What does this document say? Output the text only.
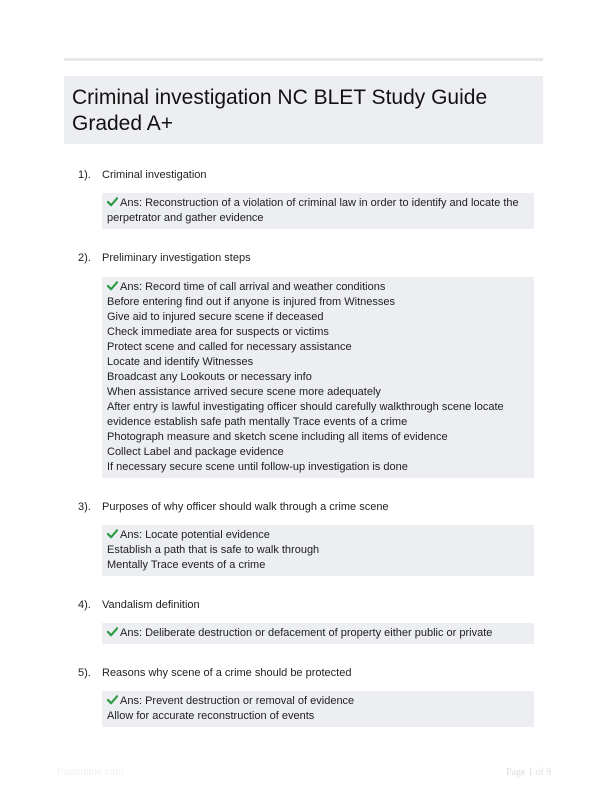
Criminal investigation NC BLET Study Guide Graded A+
1). Criminal investigation
Ans: Reconstruction of a violation of criminal law in order to identify and locate the
perpetrator and gather evidence
2). Preliminary investigation steps
Ans: Record time of call arrival and weather conditions
Before entering find out if anyone is injured from Witnesses
Give aid to injured secure scene if deceased
Check immediate area for suspects or victims
Protect scene and called for necessary assistance
Locate and identify Witnesses
Broadcast any Lookouts or necessary info
When assistance arrived secure scene more adequately
After entry is lawful investigating officer should carefully walkthrough scene locate
evidence establish safe path mentally Trace events of a crime
Photograph measure and sketch scene including all items of evidence
Collect Label and package evidence
If necessary secure scene until follow-up investigation is done
3). Purposes of why officer should walk through a crime scene
Ans: Locate potential evidence
Establish a path that is safe to walk through
Mentally Trace events of a crime
4). Vandalism definition
Ans: Deliberate destruction or defacement of property either public or private
5). Reasons why scene of a crime should be protected
Ans: Prevent destruction or removal of evidence
Allow for accurate reconstruction of events
Papertible.com	Page 1 of 9
